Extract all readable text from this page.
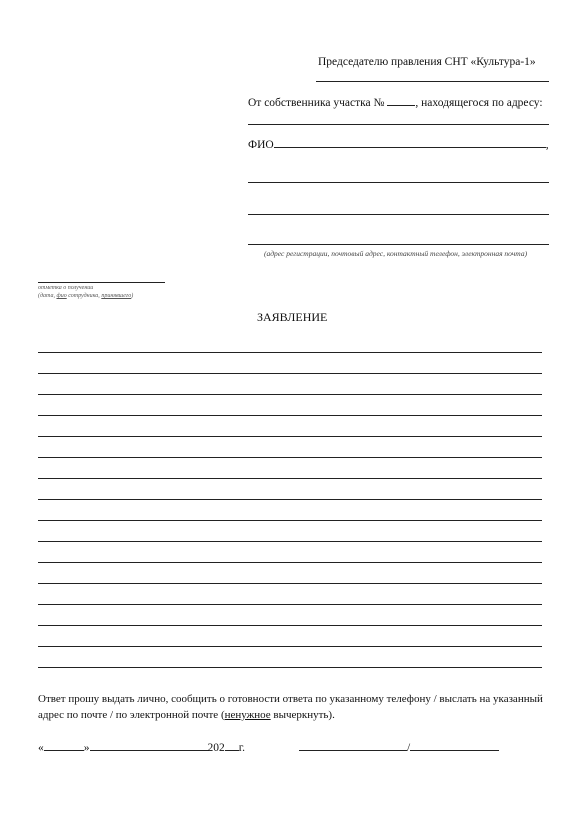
Председателю правления СНТ «Культура-1»
От собственника участка №	, находящегося по адресу:
ФИО	,
(адрес регистрации, почтовый адрес, контактный телефон, электронная почта)
отметка о получении
(дата, фио сотрудника, принявшего)
ЗАЯВЛЕНИЕ
Ответ прошу выдать лично, сообщить о готовности ответа по указанному телефону / выслать на указанный
адрес по почте / по электронной почте (ненужное вычеркнуть).
«	»	202 г.	/
